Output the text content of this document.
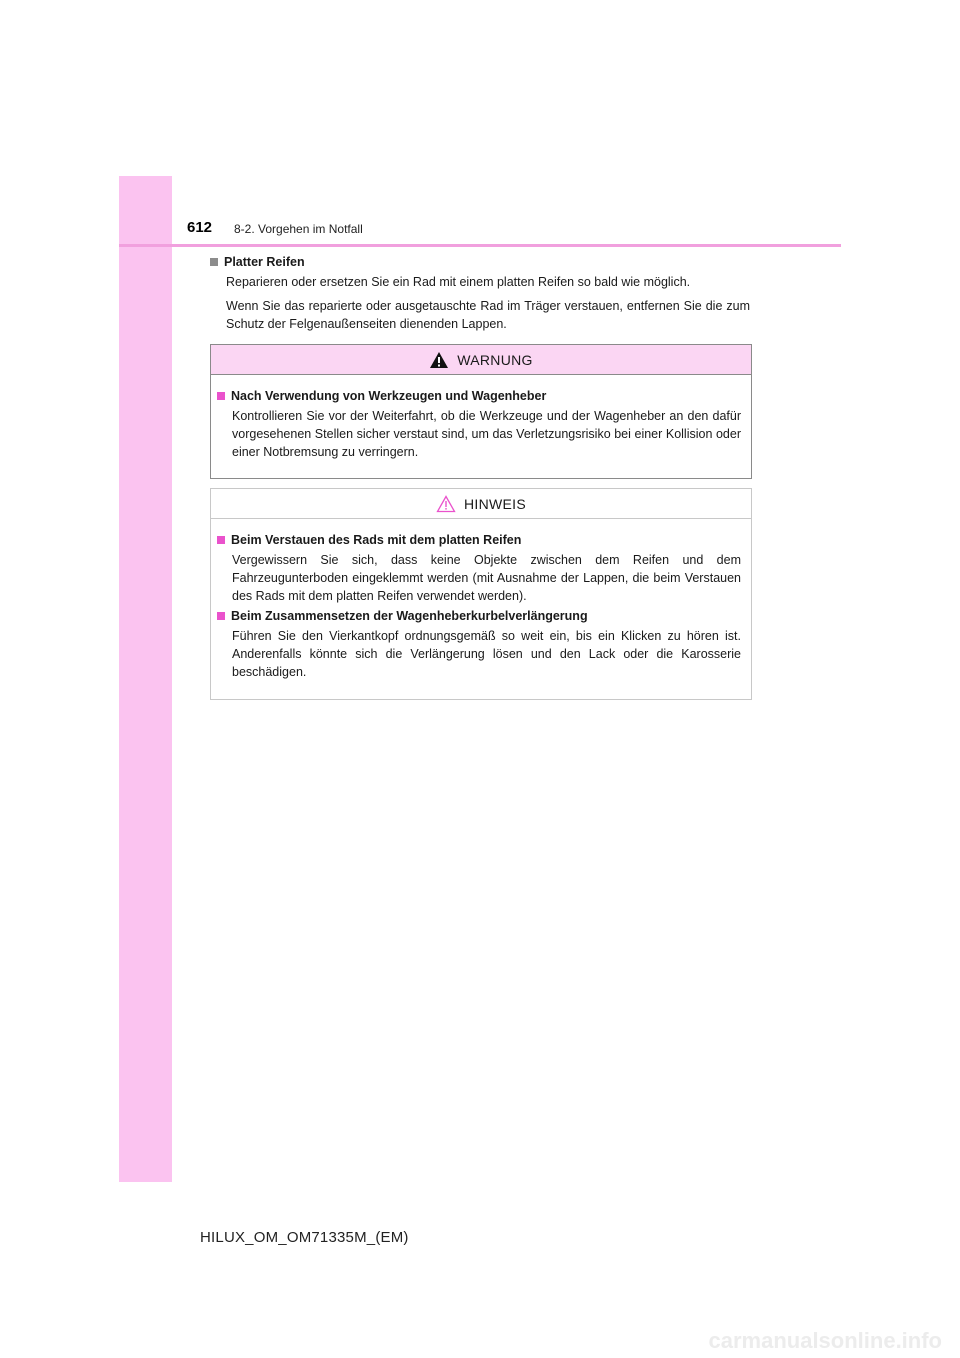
612 8-2. Vorgehen im Notfall
Platter Reifen
Reparieren oder ersetzen Sie ein Rad mit einem platten Reifen so bald wie möglich.
Wenn Sie das reparierte oder ausgetauschte Rad im Träger verstauen, entfernen Sie die zum Schutz der Felgenaußenseiten dienenden Lappen.
WARNUNG
Nach Verwendung von Werkzeugen und Wagenheber
Kontrollieren Sie vor der Weiterfahrt, ob die Werkzeuge und der Wagenheber an den dafür vorgesehenen Stellen sicher verstaut sind, um das Verletzungsrisiko bei einer Kollision oder einer Notbremsung zu verringern.
HINWEIS
Beim Verstauen des Rads mit dem platten Reifen
Vergewissern Sie sich, dass keine Objekte zwischen dem Reifen und dem Fahrzeugunterboden eingeklemmt werden (mit Ausnahme der Lappen, die beim Verstauen des Rads mit dem platten Reifen verwendet werden).
Beim Zusammensetzen der Wagenheberkurbelverlängerung
Führen Sie den Vierkantkopf ordnungsgemäß so weit ein, bis ein Klicken zu hören ist. Anderenfalls könnte sich die Verlängerung lösen und den Lack oder die Karosserie beschädigen.
HILUX_OM_OM71335M_(EM)
carmanualsonline.info
